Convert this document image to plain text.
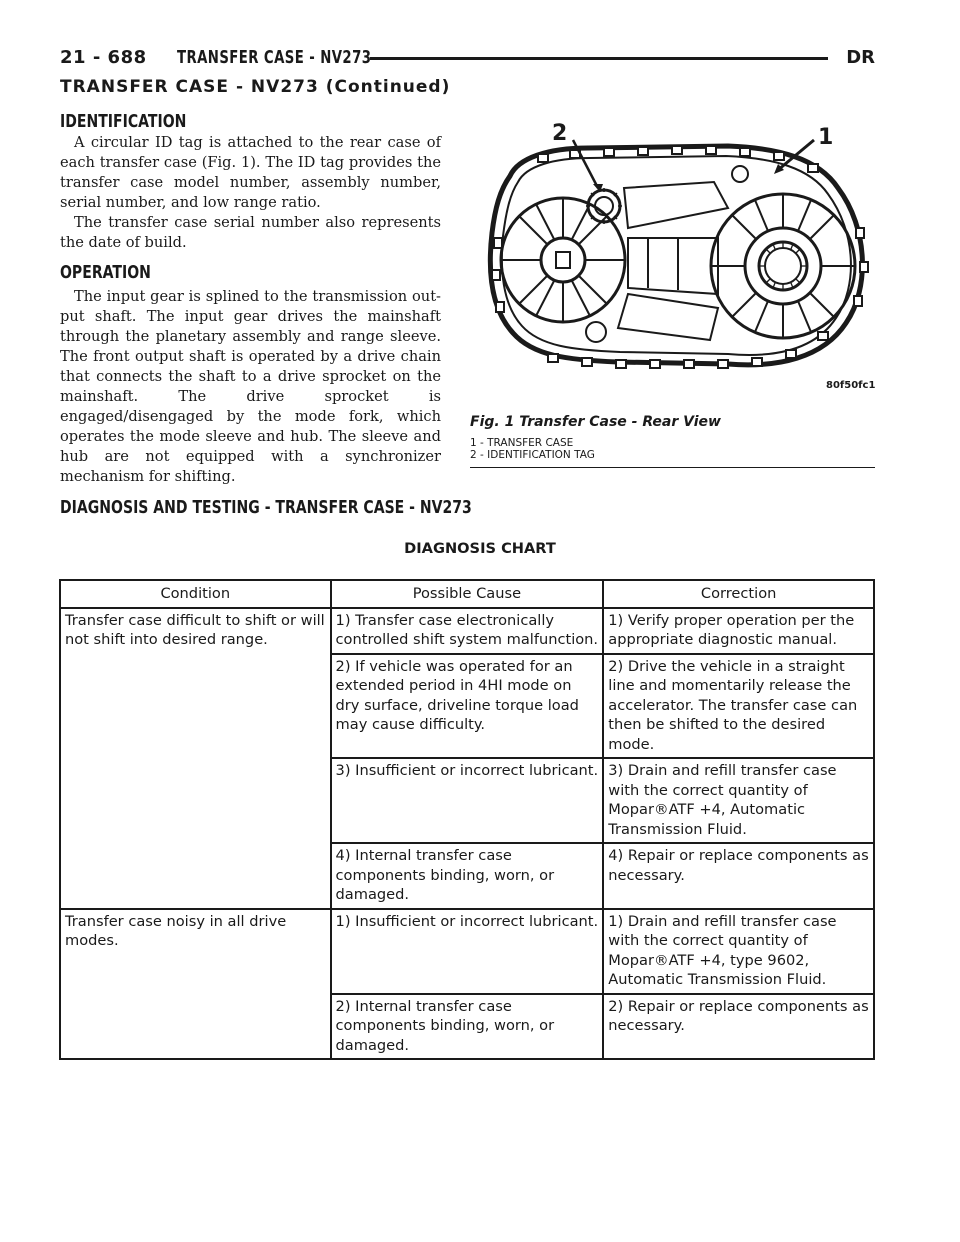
21 - 688 TRANSFER CASE - NV273	DR
TRANSFER CASE - NV273 (Continued)
IDENTIFICATION
A circular ID tag is attached to the rear case of each transfer case (Fig. 1). The ID tag provides the transfer case model number, assembly number, serial number, and low range ratio.
The transfer case serial number also represents the date of build.
OPERATION
The input gear is splined to the transmission out-put shaft. The input gear drives the mainshaft through the planetary assembly and range sleeve. The front output shaft is operated by a drive chain that connects the shaft to a drive sprocket on the mainshaft. The drive sprocket is engaged/disengaged by the mode fork, which operates the mode sleeve and hub. The sleeve and hub are not equipped with a synchronizer mechanism for shifting.
2	1
80f50fc1
Fig. 1 Transfer Case - Rear View
1 - TRANSFER CASE
2 - IDENTIFICATION TAG
DIAGNOSIS AND TESTING - TRANSFER CASE - NV273
DIAGNOSIS CHART
Condition	Possible Cause	Correction
Transfer case difficult to shift or will not shift into desired range.	1) Transfer case electronically controlled shift system malfunction.	1) Verify proper operation per the appropriate diagnostic manual.
	2) If vehicle was operated for an extended period in 4HI mode on dry surface, driveline torque load may cause difficulty.	2) Drive the vehicle in a straight line and momentarily release the accelerator. The transfer case can then be shifted to the desired mode.
	3) Insufficient or incorrect lubricant.	3) Drain and refill transfer case with the correct quantity of Mopar®ATF +4, Automatic Transmission Fluid.
	4) Internal transfer case components binding, worn, or damaged.	4) Repair or replace components as necessary.
Transfer case noisy in all drive modes.	1) Insufficient or incorrect lubricant.	1) Drain and refill transfer case with the correct quantity of Mopar®ATF +4, type 9602, Automatic Transmission Fluid.
	2) Internal transfer case components binding, worn, or damaged.	2) Repair or replace components as necessary.
